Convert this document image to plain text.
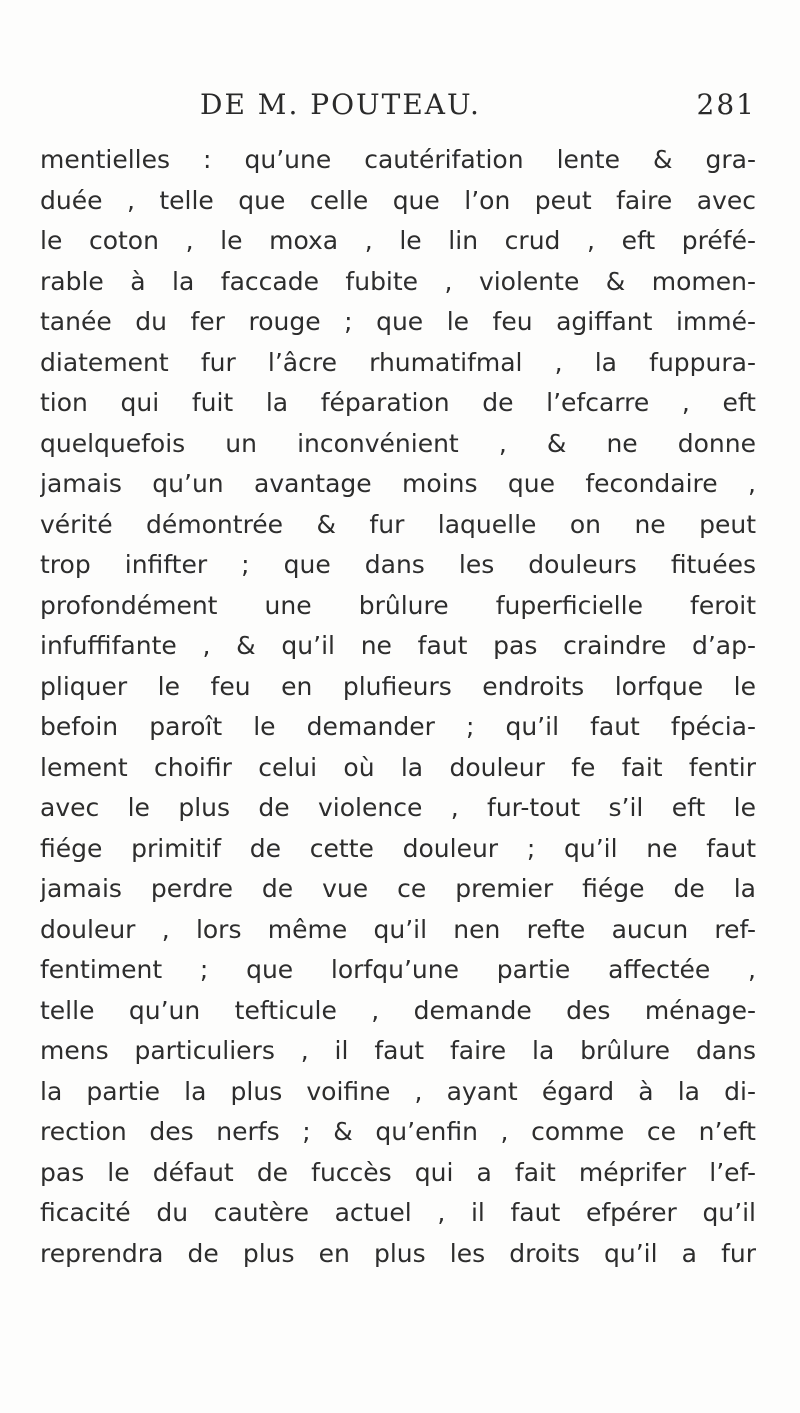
DE M. POUTEAU.	281
mentielles : qu’une cautérifation lente & gra-
duée , telle que celle que l’on peut faire avec
le coton , le moxa , le lin crud , eft préfé-
rable à la faccade fubite , violente & momen-
tanée du fer rouge ; que le feu agiffant immé-
diatement fur l’âcre rhumatifmal , la fuppura-
tion qui fuit la féparation de l’efcarre , eft
quelquefois un inconvénient , & ne donne
jamais qu’un avantage moins que fecondaire ,
vérité démontrée & fur laquelle on ne peut
trop infifter ; que dans les douleurs fituées
profondément une brûlure fuperficielle feroit
infuffifante , & qu’il ne faut pas craindre d’ap-
pliquer le feu en plufieurs endroits lorfque le
befoin paroît le demander ; qu’il faut fpécia-
lement choifir celui où la douleur fe fait fentir
avec le plus de violence , fur-tout s’il eft le
fiége primitif de cette douleur ; qu’il ne faut
jamais perdre de vue ce premier fiége de la
douleur , lors même qu’il nen refte aucun ref-
fentiment ; que lorfqu’une partie affectée ,
telle qu’un tefticule , demande des ménage-
mens particuliers , il faut faire la brûlure dans
la partie la plus voifine , ayant égard à la di-
rection des nerfs ; & qu’enfin , comme ce n’eft
pas le défaut de fuccès qui a fait méprifer l’ef-
ficacité du cautère actuel , il faut efpérer qu’il
reprendra de plus en plus les droits qu’il a fur
